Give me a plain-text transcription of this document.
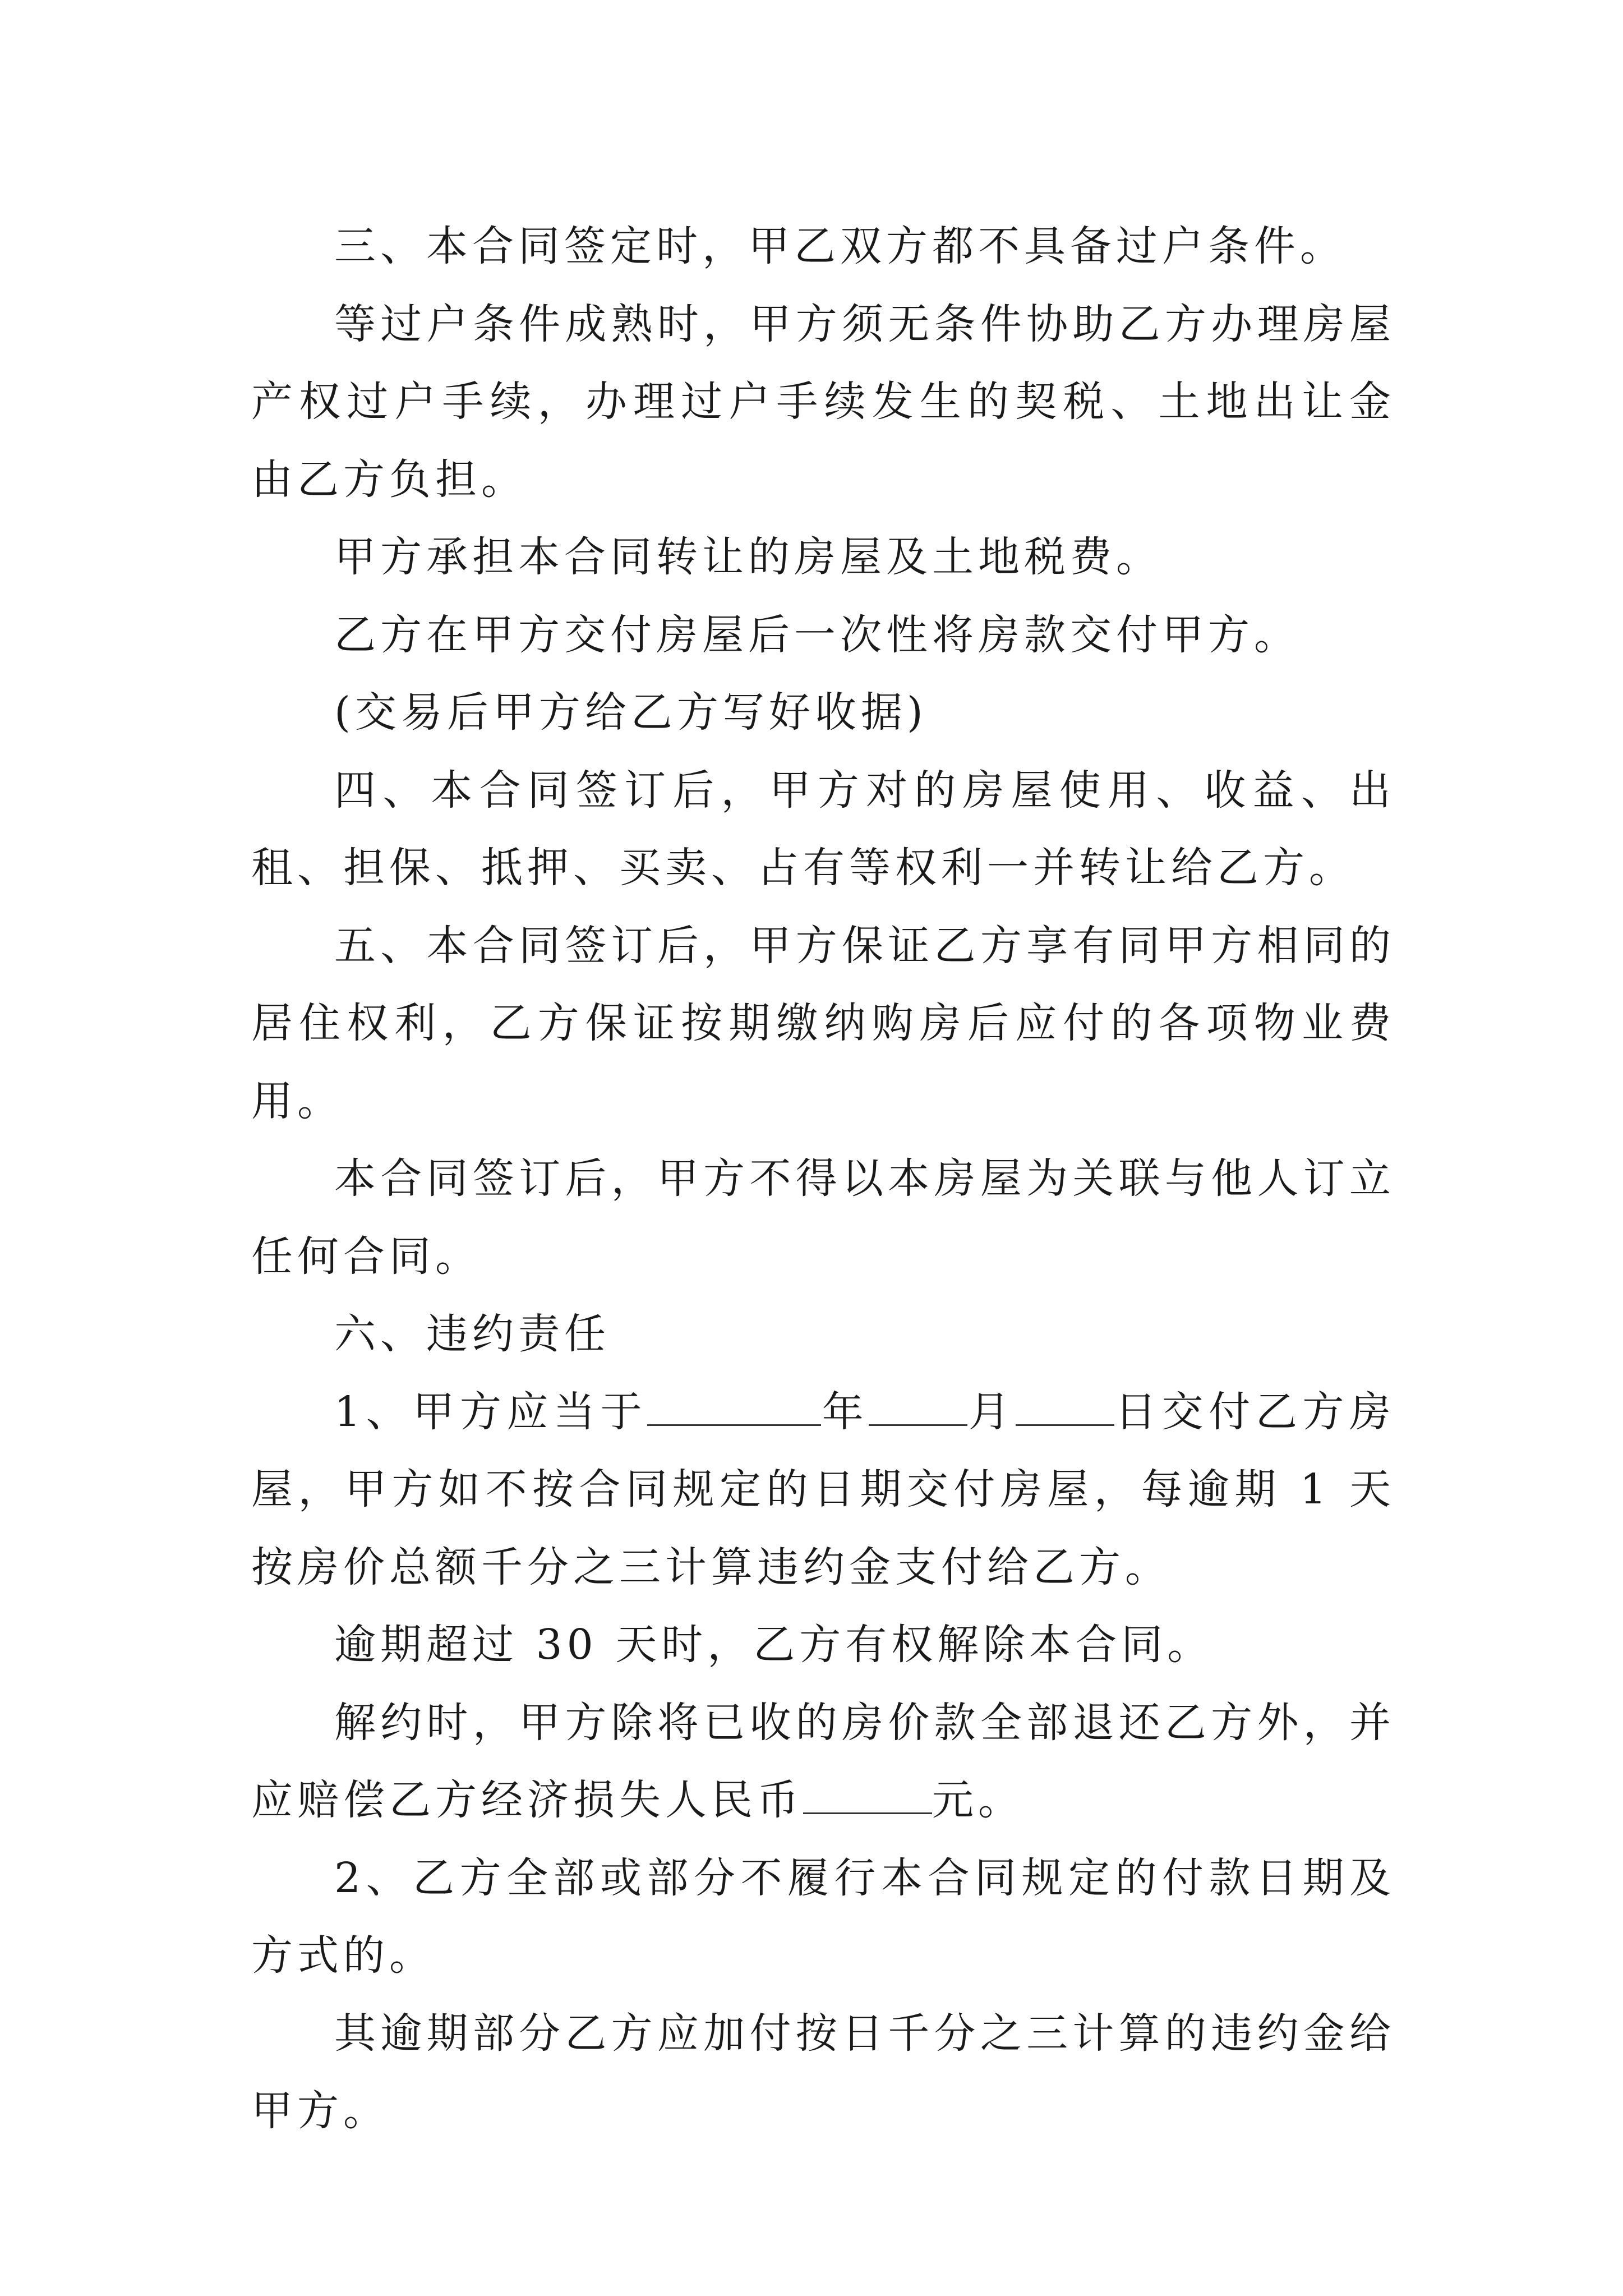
三、本合同签定时，甲乙双方都不具备过户条件。

等过户条件成熟时，甲方须无条件协助乙方办理房屋产权过户手续，办理过户手续发生的契税、土地出让金由乙方负担。

甲方承担本合同转让的房屋及土地税费。

乙方在甲方交付房屋后一次性将房款交付甲方。

(交易后甲方给乙方写好收据)

四、本合同签订后，甲方对的房屋使用、收益、出租、担保、抵押、买卖、占有等权利一并转让给乙方。

五、本合同签订后，甲方保证乙方享有同甲方相同的居住权利，乙方保证按期缴纳购房后应付的各项物业费用。

本合同签订后，甲方不得以本房屋为关联与他人订立任何合同。

六、违约责任

1、甲方应当于	年 月 日交付乙方房屋，甲方如不按合同规定的日期交付房屋，每逾期 1 天按房价总额千分之三计算违约金支付给乙方。

逾期超过 30 天时，乙方有权解除本合同。

解约时，甲方除将已收的房价款全部退还乙方外，并应赔偿乙方经济损失人民币	元。

2、乙方全部或部分不履行本合同规定的付款日期及方式的。

其逾期部分乙方应加付按日千分之三计算的违约金给甲方。
